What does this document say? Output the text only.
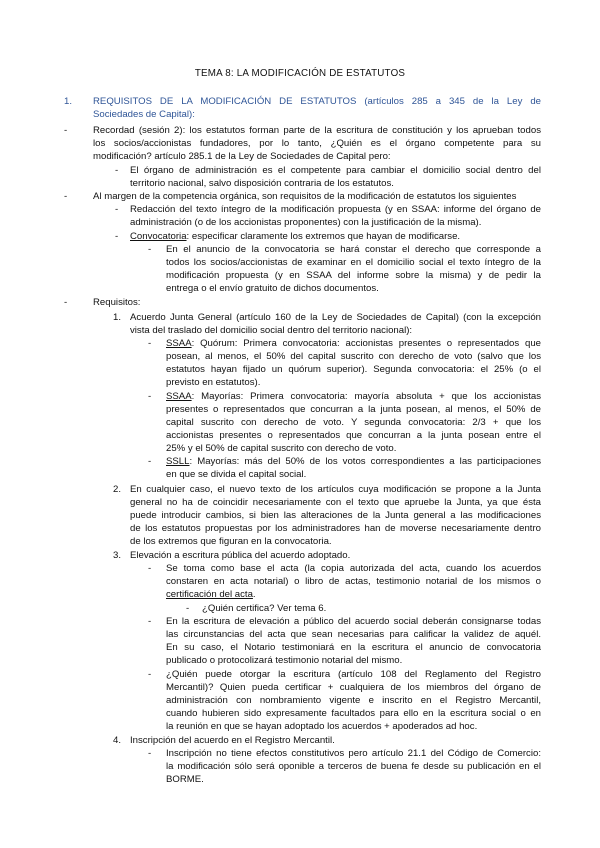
TEMA 8: LA MODIFICACIÓN DE ESTATUTOS
1. REQUISITOS DE LA MODIFICACIÓN DE ESTATUTOS (artículos 285 a 345 de la Ley de
Sociedades de Capital):
-	Recordad (sesión 2): los estatutos forman parte de la escritura de constitución y los aprueban todos
los socios/accionistas fundadores, por lo tanto, ¿Quién es el órgano competente para su
modificación? artículo 285.1 de la Ley de Sociedades de Capital pero:
- El órgano de administración es el competente para cambiar el domicilio social dentro del
territorio nacional, salvo disposición contraria de los estatutos.
-	Al margen de la competencia orgánica, son requisitos de la modificación de estatutos los siguientes
- Redacción del texto íntegro de la modificación propuesta (y en SSAA: informe del órgano de
administración (o de los accionistas proponentes) con la justificación de la misma).
- Convocatoria: especificar claramente los extremos que hayan de modificarse.
- En el anuncio de la convocatoria se hará constar el derecho que corresponde a
todos los socios/accionistas de examinar en el domicilio social el texto íntegro de la
modificación propuesta (y en SSAA del informe sobre la misma) y de pedir la
entrega o el envío gratuito de dichos documentos.
-	Requisitos:
1. Acuerdo Junta General (artículo 160 de la Ley de Sociedades de Capital) (con la excepción
vista del traslado del domicilio social dentro del territorio nacional):
- SSAA: Quórum: Primera convocatoria: accionistas presentes o representados que
posean, al menos, el 50% del capital suscrito con derecho de voto (salvo que los
estatutos hayan fijado un quórum superior). Segunda convocatoria: el 25% (o el
previsto en estatutos).
- SSAA: Mayorías: Primera convocatoria: mayoría absoluta + que los accionistas
presentes o representados que concurran a la junta posean, al menos, el 50% de
capital suscrito con derecho de voto. Y segunda convocatoria: 2/3 + que los
accionistas presentes o representados que concurran a la junta posean entre el
25% y el 50% de capital suscrito con derecho de voto.
- SSLL: Mayorías: más del 50% de los votos correspondientes a las participaciones
en que se divida el capital social.
2. En cualquier caso, el nuevo texto de los artículos cuya modificación se propone a la Junta
general no ha de coincidir necesariamente con el texto que apruebe la Junta, ya que ésta
puede introducir cambios, si bien las alteraciones de la Junta general a las modificaciones
de los estatutos propuestas por los administradores han de moverse necesariamente dentro
de los extremos que figuran en la convocatoria.
3. Elevación a escritura pública del acuerdo adoptado.
- Se toma como base el acta (la copia autorizada del acta, cuando los acuerdos
constaren en acta notarial) o libro de actas, testimonio notarial de los mismos o
certificación del acta.
- ¿Quién certifica? Ver tema 6.
- En la escritura de elevación a público del acuerdo social deberán consignarse todas
las circunstancias del acta que sean necesarias para calificar la validez de aquél.
En su caso, el Notario testimoniará en la escritura el anuncio de convocatoria
publicado o protocolizará testimonio notarial del mismo.
- ¿Quién puede otorgar la escritura (artículo 108 del Reglamento del Registro
Mercantil)? Quien pueda certificar + cualquiera de los miembros del órgano de
administración con nombramiento vigente e inscrito en el Registro Mercantil,
cuando hubieren sido expresamente facultados para ello en la escritura social o en
la reunión en que se hayan adoptado los acuerdos + apoderados ad hoc.
4. Inscripción del acuerdo en el Registro Mercantil.
- Inscripción no tiene efectos constitutivos pero artículo 21.1 del Código de Comercio:
la modificación sólo será oponible a terceros de buena fe desde su publicación en el
BORME.
